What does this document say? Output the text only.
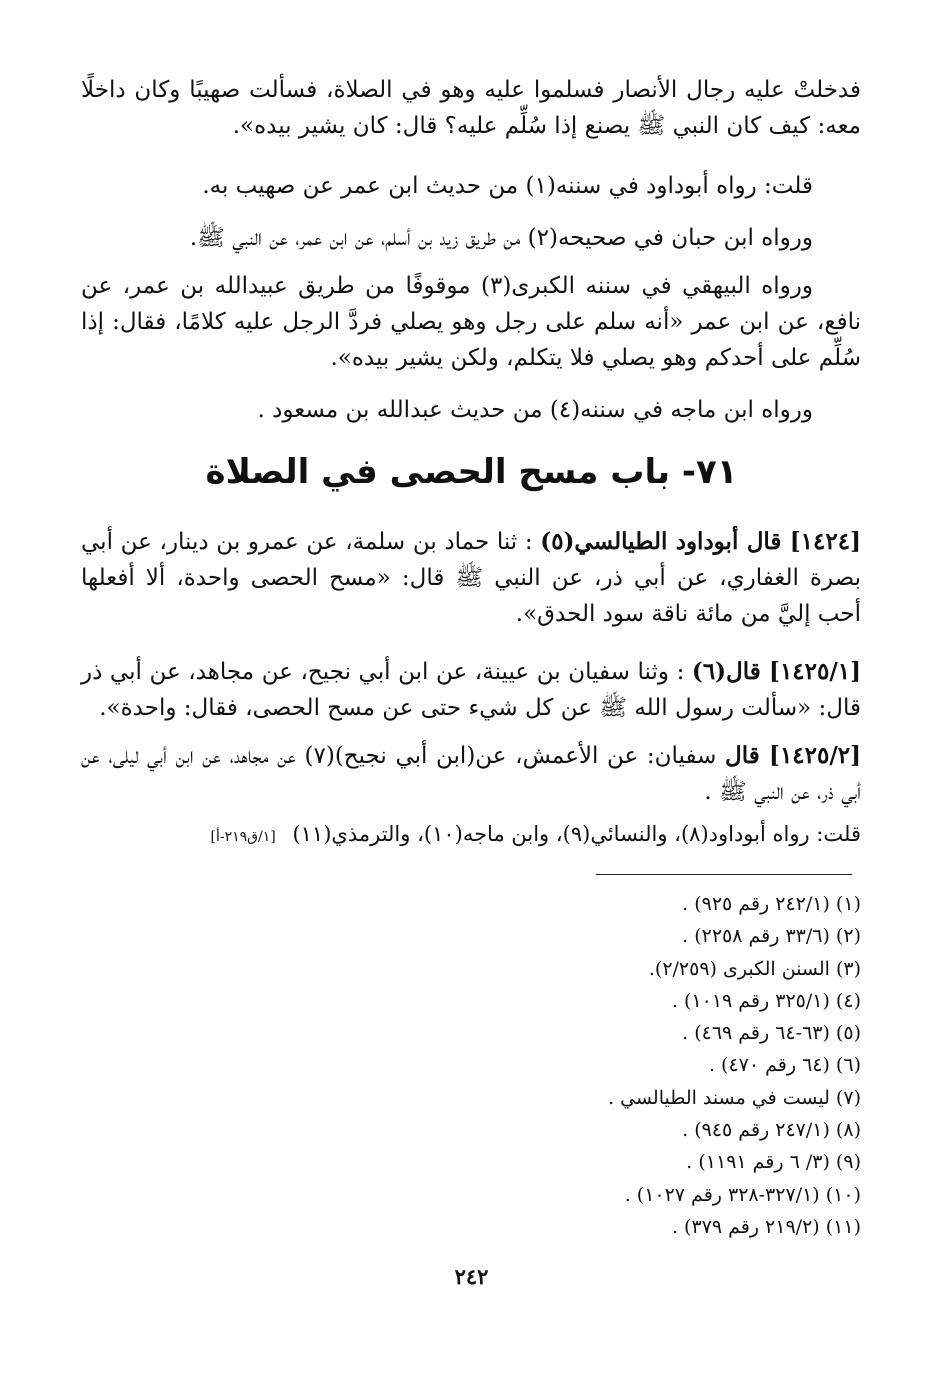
فدخلتْ عليه رجال الأنصار فسلموا عليه وهو في الصلاة، فسألت صهيبًا وكان داخلًا معه: كيف كان النبي ﷺ يصنع إذا سُلِّم عليه؟ قال: كان يشير بيده».

قلت: رواه أبوداود في سننه(١) من حديث ابن عمر عن صهيب به.

ورواه ابن حبان في صحيحه(٢) من طريق زيد بن أسلم، عن ابن عمر، عن النبي ﷺ.

ورواه البيهقي في سننه الكبرى(٣) موقوفًا من طريق عبيدالله بن عمر، عن نافع، عن ابن عمر «أنه سلم على رجل وهو يصلي فردَّ الرجل عليه كلامًا، فقال: إذا سُلِّم على أحدكم وهو يصلي فلا يتكلم، ولكن يشير بيده».

ورواه ابن ماجه في سننه(٤) من حديث عبدالله بن مسعود .

٧١- باب مسح الحصى في الصلاة

[١٤٢٤] قال أبوداود الطيالسي(٥) : ثنا حماد بن سلمة، عن عمرو بن دينار، عن أبي بصرة الغفاري، عن أبي ذر، عن النبي ﷺ قال: «مسح الحصى واحدة، ألا أفعلها أحب إليَّ من مائة ناقة سود الحدق».

[١٤٢٥/١] قال(٦) : وثنا سفيان بن عيينة، عن ابن أبي نجيح، عن مجاهد، عن أبي ذر قال: «سألت رسول الله ﷺ عن كل شيء حتى عن مسح الحصى، فقال: واحدة».

[١٤٢٥/٢] قال سفيان: عن الأعمش، عن(ابن أبي نجيح)(٧) عن مجاهد، عن ابن أبي ليلى، عن أبي ذر، عن النبي ﷺ .

قلت: رواه أبوداود(٨)، والنسائي(٩)، وابن ماجه(١٠)، والترمذي(١١) [١/ق٢١٩-أ]

(١) (٢٤٢/١ رقم ٩٢٥) .
(٢) (٣٣/٦ رقم ٢٢٥٨) .
(٣) السنن الكبرى (٢/٢٥٩).
(٤) (٣٢٥/١ رقم ١٠١٩) .
(٥) (٦٣-٦٤ رقم ٤٦٩) .
(٦) (٦٤ رقم ٤٧٠) .
(٧) ليست في مسند الطيالسي .
(٨) (٢٤٧/١ رقم ٩٤٥) .
(٩) (٣/ ٦ رقم ١١٩١) .
(١٠) (٣٢٧/١-٣٢٨ رقم ١٠٢٧) .
(١١) (٢١٩/٢ رقم ٣٧٩) .
٢٤٢
